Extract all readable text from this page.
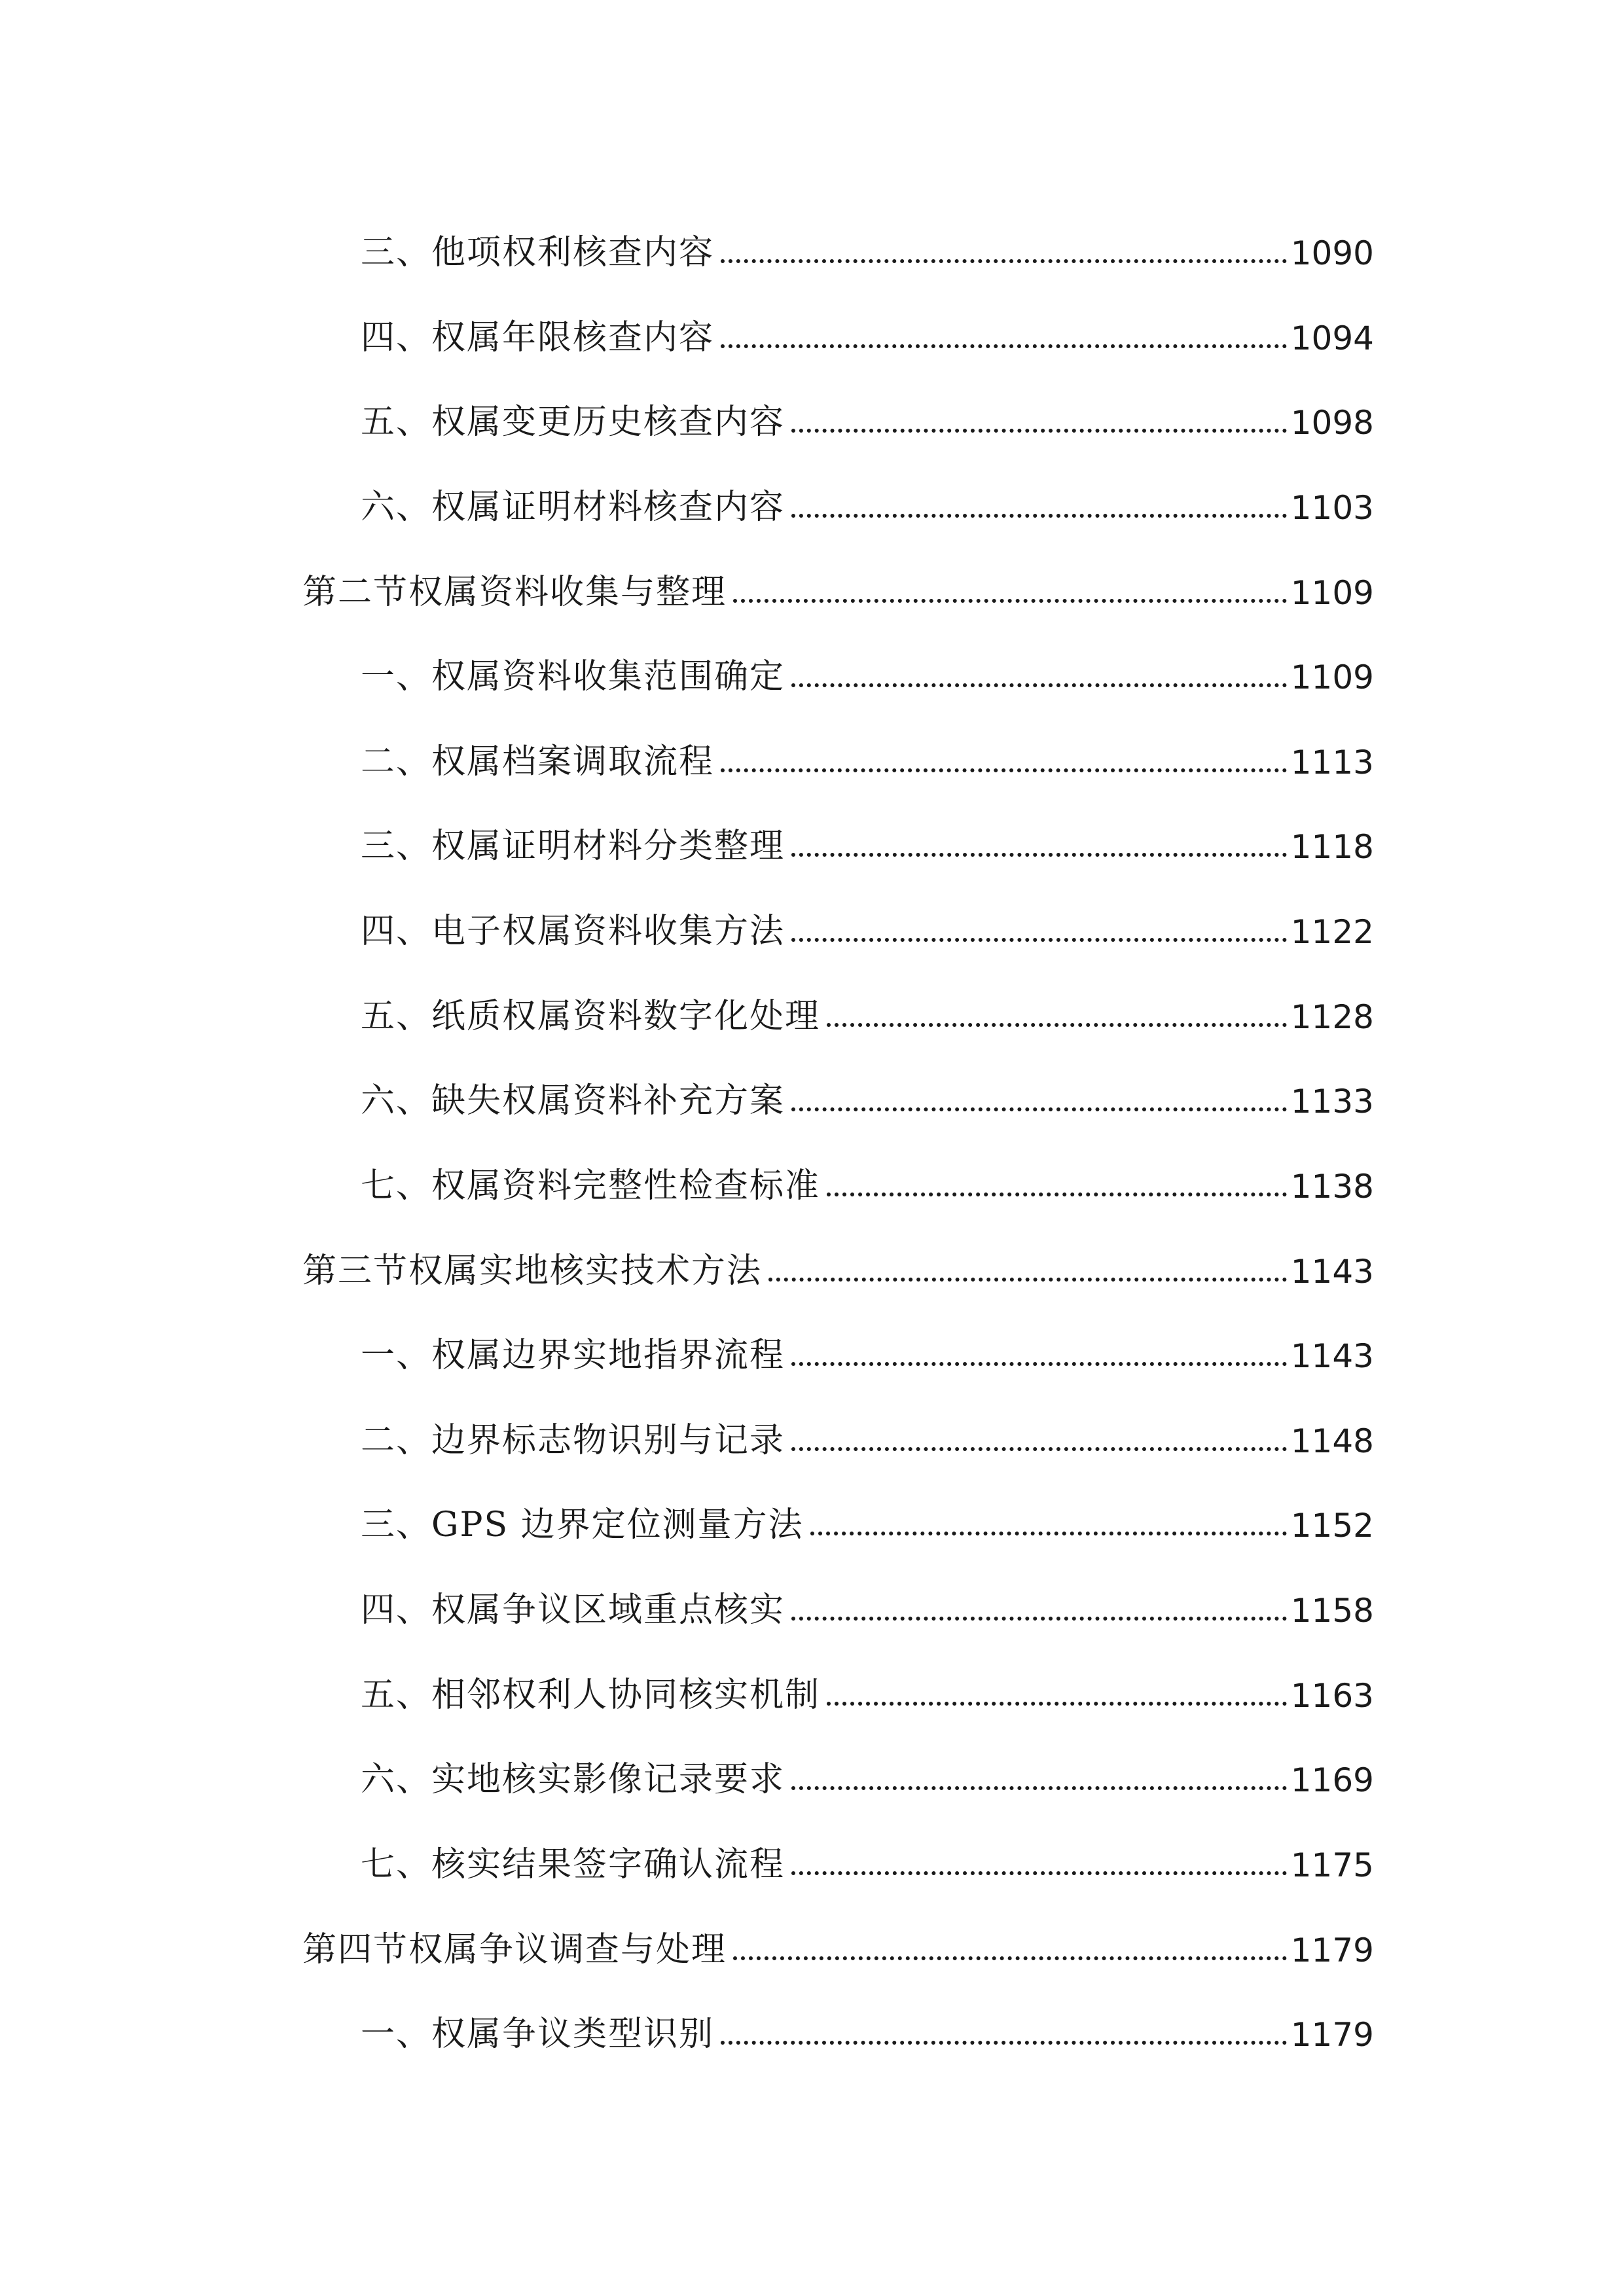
三、他项权利核查内容	1090
四、权属年限核查内容	1094
五、权属变更历史核查内容	1098
六、权属证明材料核查内容	1103
第二节权属资料收集与整理	1109
一、权属资料收集范围确定	1109
二、权属档案调取流程	1113
三、权属证明材料分类整理	1118
四、电子权属资料收集方法	1122
五、纸质权属资料数字化处理	1128
六、缺失权属资料补充方案	1133
七、权属资料完整性检查标准	1138
第三节权属实地核实技术方法	1143
一、权属边界实地指界流程	1143
二、边界标志物识别与记录	1148
三、GPS 边界定位测量方法	1152
四、权属争议区域重点核实	1158
五、相邻权利人协同核实机制	1163
六、实地核实影像记录要求	1169
七、核实结果签字确认流程	1175
第四节权属争议调查与处理	1179
一、权属争议类型识别	1179
